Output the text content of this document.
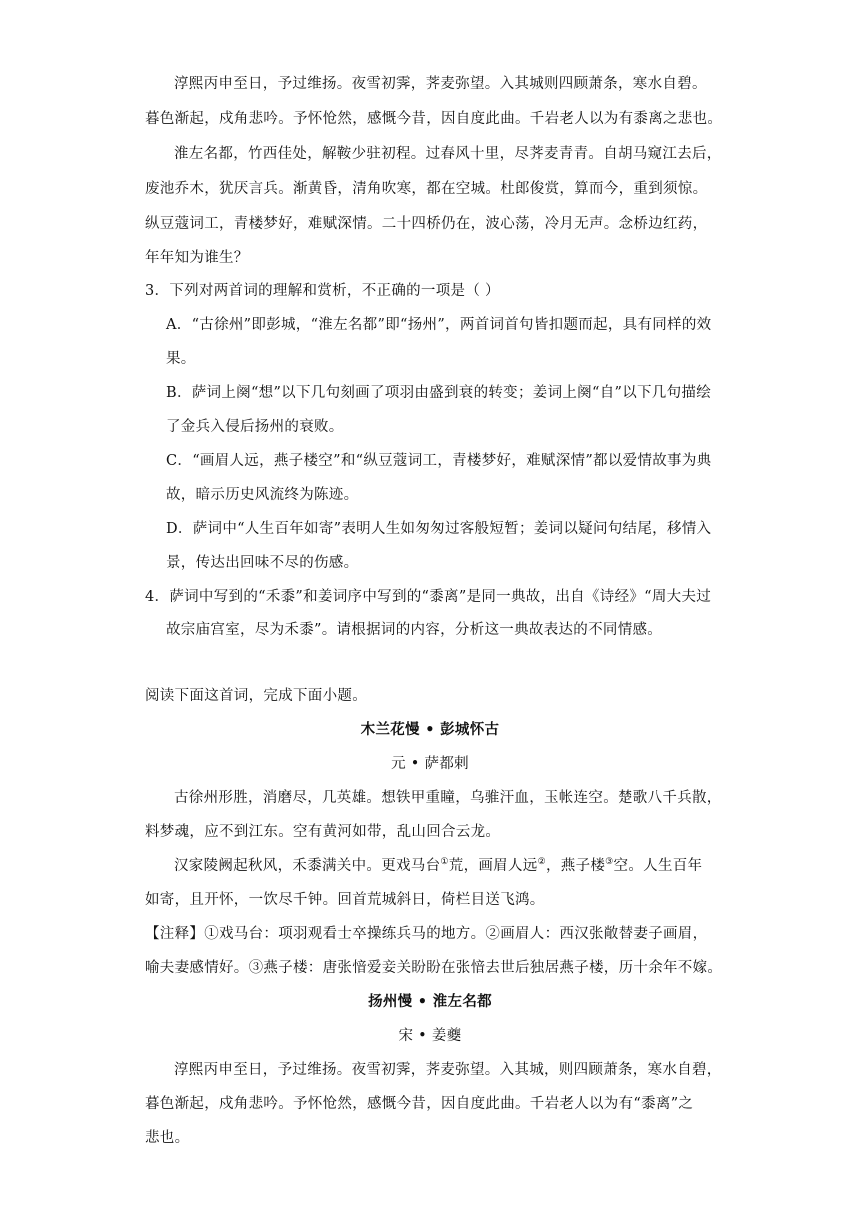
淳熙丙申至日，予过维扬。夜雪初霁，荠麦弥望。入其城则四顾萧条，寒水自碧。
暮色渐起，戍角悲吟。予怀怆然，感慨今昔，因自度此曲。千岩老人以为有黍离之悲也。
淮左名都，竹西佳处，解鞍少驻初程。过春风十里，尽荠麦青青。自胡马窥江去后，
废池乔木，犹厌言兵。渐黄昏，清角吹寒，都在空城。杜郎俊赏，算而今，重到须惊。
纵豆蔻词工，青楼梦好，难赋深情。二十四桥仍在，波心荡，冷月无声。念桥边红药，
年年知为谁生？
3．下列对两首词的理解和赏析，不正确的一项是（ ）
A．“古徐州”即彭城，“淮左名都”即“扬州”，两首词首句皆扣题而起，具有同样的效
果。
B．萨词上阕“想”以下几句刻画了项羽由盛到衰的转变；姜词上阕“自”以下几句描绘
了金兵入侵后扬州的衰败。
C．“画眉人远，燕子楼空”和“纵豆蔻词工，青楼梦好，难赋深情”都以爱情故事为典
故，暗示历史风流终为陈迹。
D．萨词中“人生百年如寄”表明人生如匆匆过客般短暂；姜词以疑问句结尾，移情入
景，传达出回味不尽的伤感。
4．萨词中写到的“禾黍”和姜词序中写到的“黍离”是同一典故，出自《诗经》“周大夫过
故宗庙宫室，尽为禾黍”。请根据词的内容，分析这一典故表达的不同情感。
阅读下面这首词，完成下面小题。
木兰花慢 • 彭城怀古
元 • 萨都剌
古徐州形胜，消磨尽，几英雄。想铁甲重瞳，乌骓汗血，玉帐连空。楚歌八千兵散，
料梦魂，应不到江东。空有黄河如带，乱山回合云龙。
汉家陵阙起秋风，禾黍满关中。更戏马台①荒，画眉人远②，燕子楼③空。人生百年
如寄，且开怀，一饮尽千钟。回首荒城斜日，倚栏目送飞鸿。
【注释】①戏马台：项羽观看士卒操练兵马的地方。②画眉人：西汉张敞替妻子画眉，
喻夫妻感情好。③燕子楼：唐张愔爱妾关盼盼在张愔去世后独居燕子楼，历十余年不嫁。
扬州慢 • 淮左名都
宋 • 姜夔
淳熙丙申至日，予过维扬。夜雪初霁，荠麦弥望。入其城，则四顾萧条，寒水自碧，
暮色渐起，戍角悲吟。予怀怆然，感慨今昔，因自度此曲。千岩老人以为有“黍离”之
悲也。
